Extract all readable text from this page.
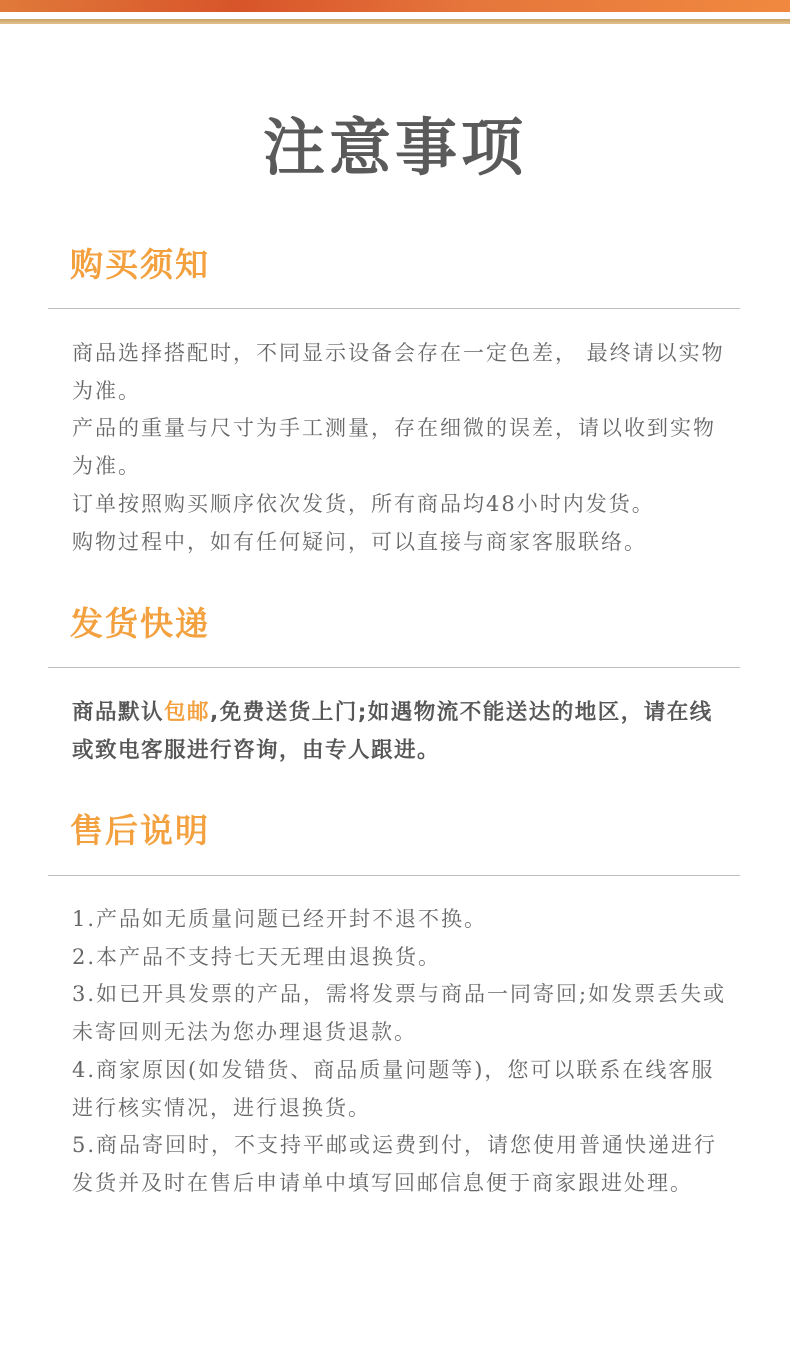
注意事项
购买须知

商品选择搭配时，不同显示设备会存在一定色差， 最终请以实物为准。

产品的重量与尺寸为手工测量，存在细微的误差，请以收到实物为准。

订单按照购买顺序依次发货，所有商品均48小时内发货。

购物过程中，如有任何疑问，可以直接与商家客服联络。

发货快递
商品默认包邮,免费送货上门;如遇物流不能送达的地区，请在线或致电客服进行咨询，由专人跟进。
售后说明

1.产品如无质量问题已经开封不退不换。

2.本产品不支持七天无理由退换货。

3.如已开具发票的产品，需将发票与商品一同寄回;如发票丢失或未寄回则无法为您办理退货退款。

4.商家原因(如发错货、商品质量问题等)，您可以联系在线客服进行核实情况，进行退换货。

5.商品寄回时，不支持平邮或运费到付，请您使用普通快递进行发货并及时在售后申请单中填写回邮信息便于商家跟进处理。
